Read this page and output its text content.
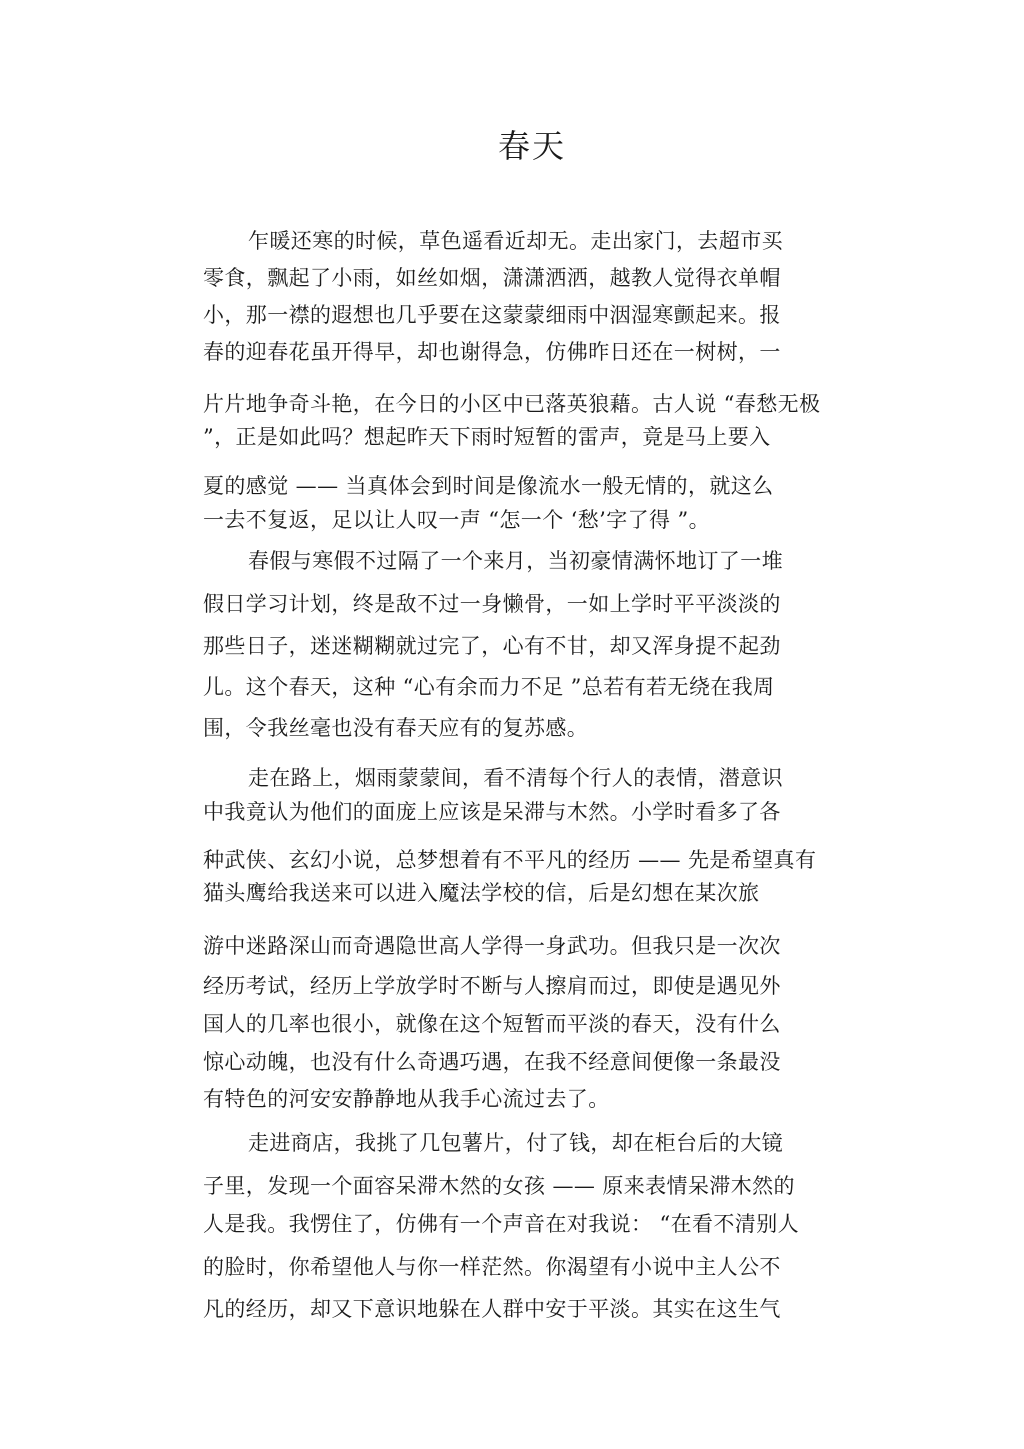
春天
乍暖还寒的时候，草色遥看近却无。走出家门，去超市买
零食，飘起了小雨，如丝如烟，潇潇洒洒，越教人觉得衣单帽
小，那一襟的遐想也几乎要在这蒙蒙细雨中洇湿寒颤起来。报
春的迎春花虽开得早，却也谢得急，仿佛昨日还在一树树，一
片片地争奇斗艳，在今日的小区中已落英狼藉。古人说 “春愁无极
”，正是如此吗？想起昨天下雨时短暂的雷声，竟是马上要入
夏的感觉 —— 当真体会到时间是像流水一般无情的，就这么
一去不复返，足以让人叹一声 “怎一个 ‘愁’字了得 ”。
春假与寒假不过隔了一个来月，当初豪情满怀地订了一堆
假日学习计划，终是敌不过一身懒骨，一如上学时平平淡淡的
那些日子，迷迷糊糊就过完了，心有不甘，却又浑身提不起劲
儿。这个春天，这种 “心有余而力不足 ”总若有若无绕在我周
围，令我丝毫也没有春天应有的复苏感。
走在路上，烟雨蒙蒙间，看不清每个行人的表情，潜意识
中我竟认为他们的面庞上应该是呆滞与木然。小学时看多了各
种武侠、玄幻小说，总梦想着有不平凡的经历 —— 先是希望真有
猫头鹰给我送来可以进入魔法学校的信，后是幻想在某次旅
游中迷路深山而奇遇隐世高人学得一身武功。但我只是一次次
经历考试，经历上学放学时不断与人擦肩而过，即使是遇见外
国人的几率也很小，就像在这个短暂而平淡的春天，没有什么
惊心动魄，也没有什么奇遇巧遇，在我不经意间便像一条最没
有特色的河安安静静地从我手心流过去了。
走进商店，我挑了几包薯片，付了钱，却在柜台后的大镜
子里，发现一个面容呆滞木然的女孩 —— 原来表情呆滞木然的
人是我。我愣住了，仿佛有一个声音在对我说： “在看不清别人
的脸时，你希望他人与你一样茫然。你渴望有小说中主人公不
凡的经历，却又下意识地躲在人群中安于平淡。其实在这生气
